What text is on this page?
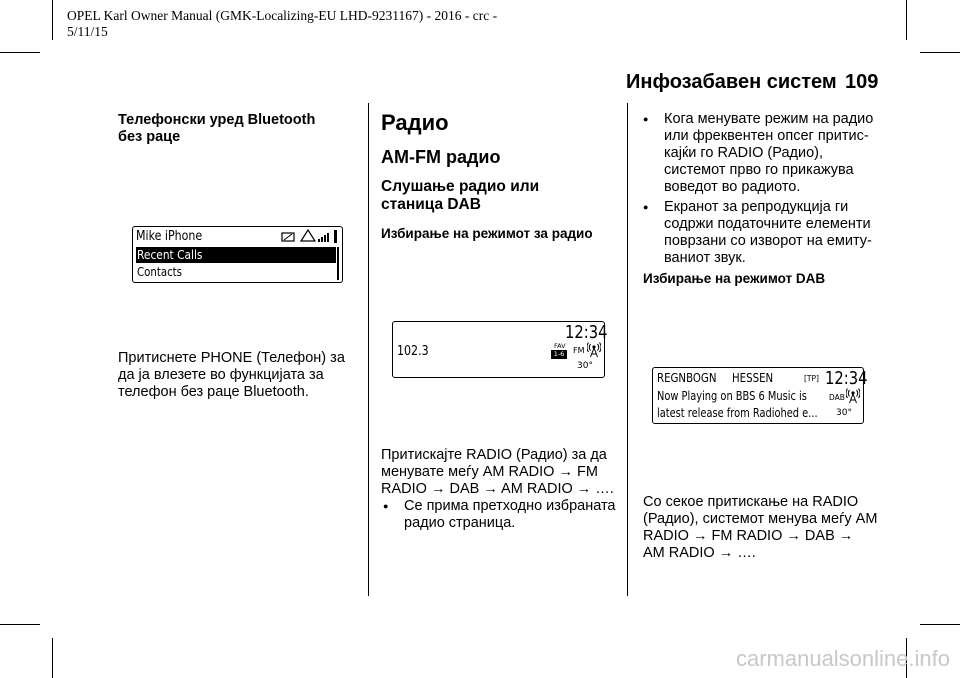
OPEL Karl Owner Manual (GMK-Localizing-EU LHD-9231167) - 2016 - crc -
5/11/15
Инфозабавен систем 109
Телефонски уред Bluetooth
без раце
Mike iPhone
Recent Calls
Contacts
Притиснете PHONE (Телефон) за
да ја влезете во функцијата за
телефон без раце Bluetooth.
Радио
AM-FM радио
Слушање радио или
станица DAB
Избирање на режимот за радио
12:34
102.3	FAV
1-6	FM
30°
Притискајте RADIO (Радио) за да
менувате меѓу AM RADIO → FM
RADIO → DAB → AM RADIO → ….
● Се прима претходно избраната
радио страница.
● Кога менувате режим на радио
или фреквентен опсег притис‐
кајќи го RADIO (Радио),
системот прво го прикажува
воведот во радиото.
● Екранот за репродукција ги
содржи податочните елементи
поврзани со изворот на емиту‐
ваниот звук.
Избирање на режимот DAB
REGNBOGN HESSEN	[TP] 12:34
Now Playing on BBS 6 Music is	DAB
latest release from Radiohed e... 30°
Со секое притискање на RADIO
(Радио), системот менува меѓу AM
RADIO → FM RADIO → DAB →
AM RADIO → ….
carmanualsonline.info
